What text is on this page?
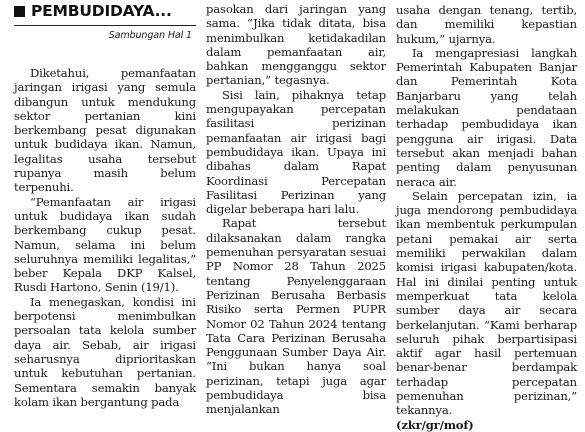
PEMBUDIDAYA...
Sambungan Hal 1

Diketahui, pemanfaatan jaringan irigasi yang semula dibangun untuk mendukung sektor pertanian kini berkembang pesat digunakan untuk budidaya ikan. Namun, legalitas usaha tersebut rupanya masih belum terpenuhi.

“Pemanfaatan air irigasi untuk budidaya ikan sudah berkembang cukup pesat. Namun, selama ini belum seluruhnya memiliki legalitas,” beber Kepala DKP Kalsel, Rusdi Hartono, Senin (19/1).

Ia menegaskan, kondisi ini berpotensi menimbulkan persoalan tata kelola sumber daya air. Sebab, air irigasi seharusnya diprioritaskan untuk kebutuhan pertanian. Sementara semakin banyak kolam ikan bergantung pada

pasokan dari jaringan yang sama. “Jika tidak ditata, bisa menimbulkan ketidakadilan dalam pemanfaatan air, bahkan mengganggu sektor pertanian,” tegasnya.

Sisi lain, pihaknya tetap mengupayakan percepatan fasilitasi perizinan pemanfaatan air irigasi bagi pembudidaya ikan. Upaya ini dibahas dalam Rapat Koordinasi Percepatan Fasilitasi Perizinan yang digelar beberapa hari lalu.

Rapat tersebut dilaksanakan dalam rangka pemenuhan persyaratan sesuai PP Nomor 28 Tahun 2025 tentang Penyelenggaraan Perizinan Berusaha Berbasis Risiko serta Permen PUPR Nomor 02 Tahun 2024 tentang Tata Cara Perizinan Berusaha Penggunaan Sumber Daya Air. “Ini bukan hanya soal perizinan, tetapi juga agar pembudidaya bisa menjalankan

usaha dengan tenang, tertib, dan memiliki kepastian hukum,” ujarnya.

Ia mengapresiasi langkah Pemerintah Kabupaten Banjar dan Pemerintah Kota Banjarbaru yang telah melakukan pendataan terhadap pembudidaya ikan pengguna air irigasi. Data tersebut akan menjadi bahan penting dalam penyusunan neraca air.

Selain percepatan izin, ia juga mendorong pembudidaya ikan membentuk perkumpulan petani pemakai air serta memiliki perwakilan dalam komisi irigasi kabupaten/kota. Hal ini dinilai penting untuk memperkuat tata kelola sumber daya air secara berkelanjutan. “Kami berharap seluruh pihak berpartisipasi aktif agar hasil pertemuan benar-benar berdampak terhadap percepatan pemenuhan perizinan,” tekannya.

(zkr/gr/mof)
